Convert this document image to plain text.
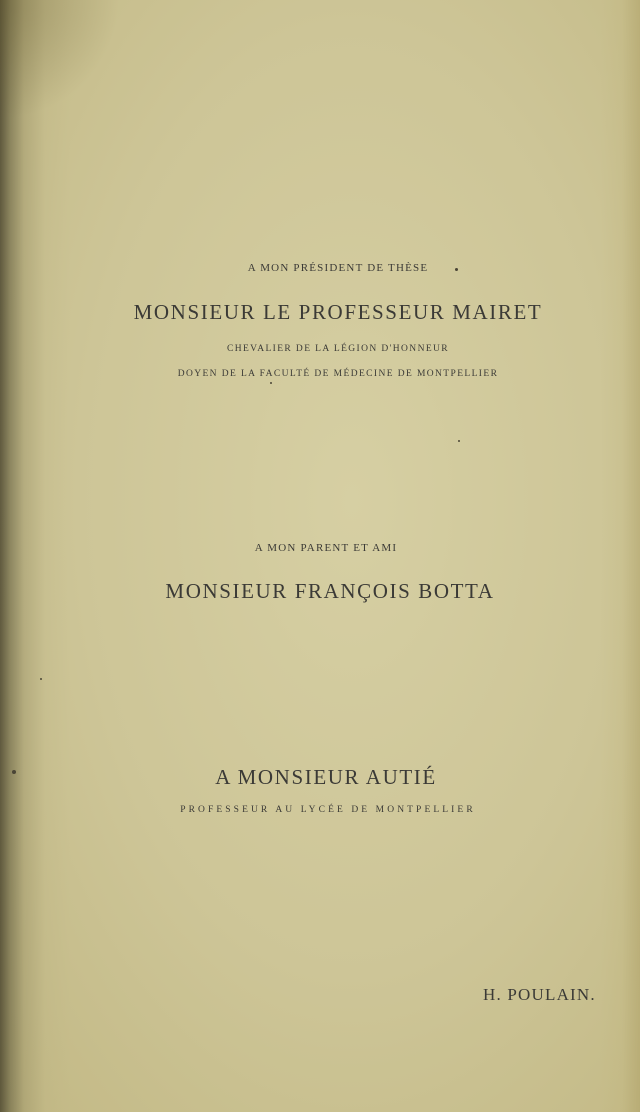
A MON PRÉSIDENT DE THÈSE

MONSIEUR LE PROFESSEUR MAIRET

CHEVALIER DE LA LÉGION D'HONNEUR

DOYEN DE LA FACULTÉ DE MÉDECINE DE MONTPELLIER

A MON PARENT ET AMI

MONSIEUR FRANÇOIS BOTTA

A MONSIEUR AUTIÉ

PROFESSEUR AU LYCÉE DE MONTPELLIER

H. POULAIN.
